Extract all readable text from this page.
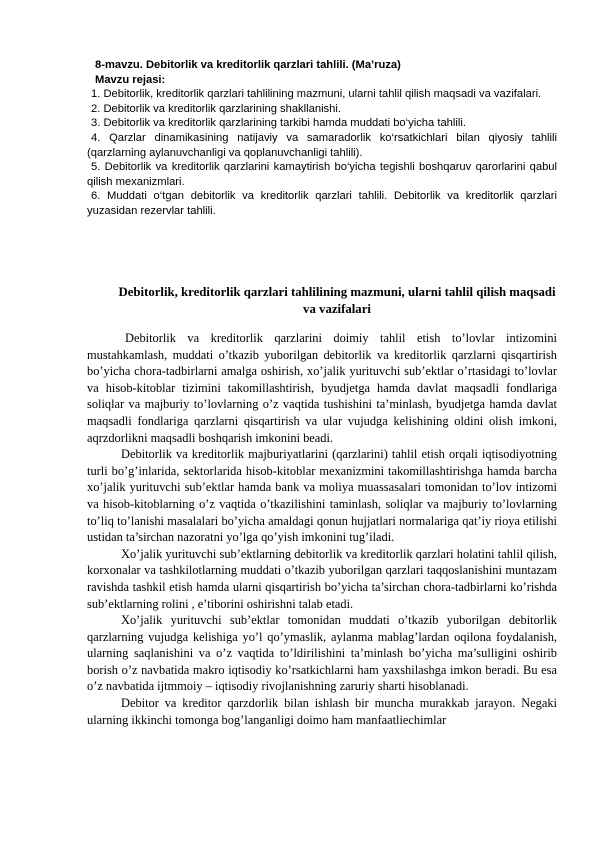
8-mavzu. Debitorlik va kreditorlik qarzlari tahlili. (Ma’ruza)
Mavzu rejasi:
1. Debitorlik, kreditorlik qarzlari tahlilining mazmuni, ularni tahlil qilish maqsadi va vazifalari.
2. Debitorlik va kreditorlik qarzlarining shakllanishi.
3. Debitorlik va kreditorlik qarzlarining tarkibi hamda muddati bo‘yicha tahlili.
4. Qarzlar dinamikasining natijaviy va samaradorlik ko‘rsatkichlari bilan qiyosiy tahlili (qarzlarning aylanuvchanligi va qoplanuvchanligi tahlili).
5. Debitorlik va kreditorlik qarzlarini kamaytirish bo‘yicha tegishli boshqaruv qarorlarini qabul qilish mexanizmlari.
6. Muddati o‘tgan debitorlik va kreditorlik qarzlari tahlili. Debitorlik va kreditorlik qarzlari yuzasidan rezervlar tahlili.
Debitorlik, kreditorlik qarzlari tahlilining mazmuni, ularni tahlil qilish maqsadi va vazifalari

Debitorlik va kreditorlik qarzlarini doimiy tahlil etish to’lovlar intizomini mustahkamlash, muddati o’tkazib yuborilgan debitorlik va kreditorlik qarzlarni qisqartirish bo’yicha chora-tadbirlarni amalga oshirish, xo’jalik yurituvchi sub’ektlar o’rtasidagi to’lovlar va hisob-kitoblar tizimini takomillashtirish, byudjetga hamda davlat maqsadli fondlariga soliqlar va majburiy to’lovlarning o’z vaqtida tushishini ta’minlash, byudjetga hamda davlat maqsadli fondlariga qarzlarni qisqartirish va ular vujudga kelishining oldini olish imkoni, aqrzdorlikni maqsadli boshqarish imkonini beadi.

Debitorlik va kreditorlik majburiyatlarini (qarzlarini) tahlil etish orqali iqtisodiyotning turli bo’g’inlarida, sektorlarida hisob-kitoblar mexanizmini takomillashtirishga hamda barcha xo’jalik yurituvchi sub’ektlar hamda bank va moliya muassasalari tomonidan to’lov intizomi va hisob-kitoblarning o’z vaqtida o’tkazilishini taminlash, soliqlar va majburiy to’lovlarning to’liq to’lanishi masalalari bo’yicha amaldagi qonun hujjatlari normalariga qat’iy rioya etilishi ustidan ta’sirchan nazoratni yo’lga qo’yish imkonini tug’iladi.

Xo’jalik yurituvchi sub’ektlarning debitorlik va kreditorlik qarzlari holatini tahlil qilish, korxonalar va tashkilotlarning muddati o’tkazib yuborilgan qarzlari taqqoslanishini muntazam ravishda tashkil etish hamda ularni qisqartirish bo’yicha ta’sirchan chora-tadbirlarni ko’rishda sub’ektlarning rolini , e’tiborini oshirishni talab etadi.

Xo’jalik yurituvchi sub’ektlar tomonidan muddati o’tkazib yuborilgan debitorlik qarzlarning vujudga kelishiga yo’l qo’ymaslik, aylanma mablag’lardan oqilona foydalanish, ularning saqlanishini va o’z vaqtida to’ldirilishini ta’minlash bo’yicha ma’sulligini oshirib borish o’z navbatida makro iqtisodiy ko’rsatkichlarni ham yaxshilashga imkon beradi. Bu esa o’z navbatida ijtmmoiy – iqtisodiy rivojlanishning zaruriy sharti hisoblanadi.

Debitor va kreditor qarzdorlik bilan ishlash bir muncha murakkab jarayon. Negaki ularning ikkinchi tomonga bog’langanligi doimo ham manfaatliechimlar
